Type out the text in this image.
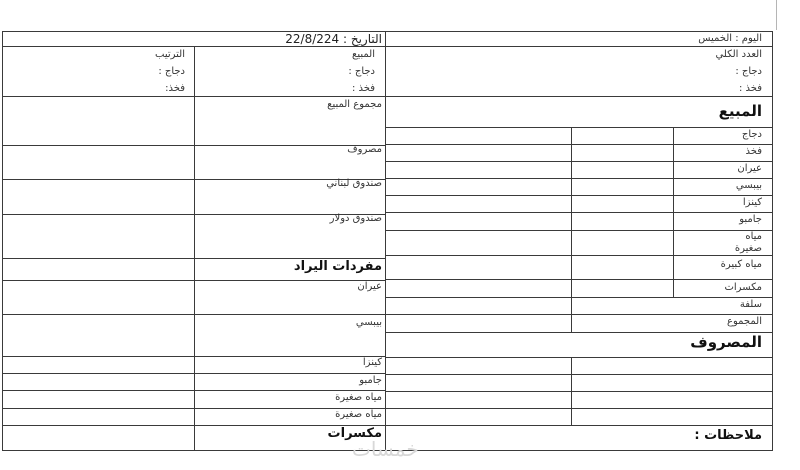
اليوم : الخميس
التاريخ : 22/8/224
العدد الكلي
دجاج :
فخذ :
المبيع
دجاج :
فخذ :
الترتيب
دجاج :
فخذ:
مجموع المبيع
مصروف
صندوق لبناني
صندوق دولار
مفردات اليراد
عيران
بيبسي
كينزا
جامبو
مياه صغيرة
مياه صغيرة
مكسرات
المبيع
دجاج
فخذ
عيران
بيبسي
كينزا
جامبو
مياه صغيرة
مياه كبيرة
مكسرات
سلفة
المجموع
المصروف
ملاحظات :
خمسات
